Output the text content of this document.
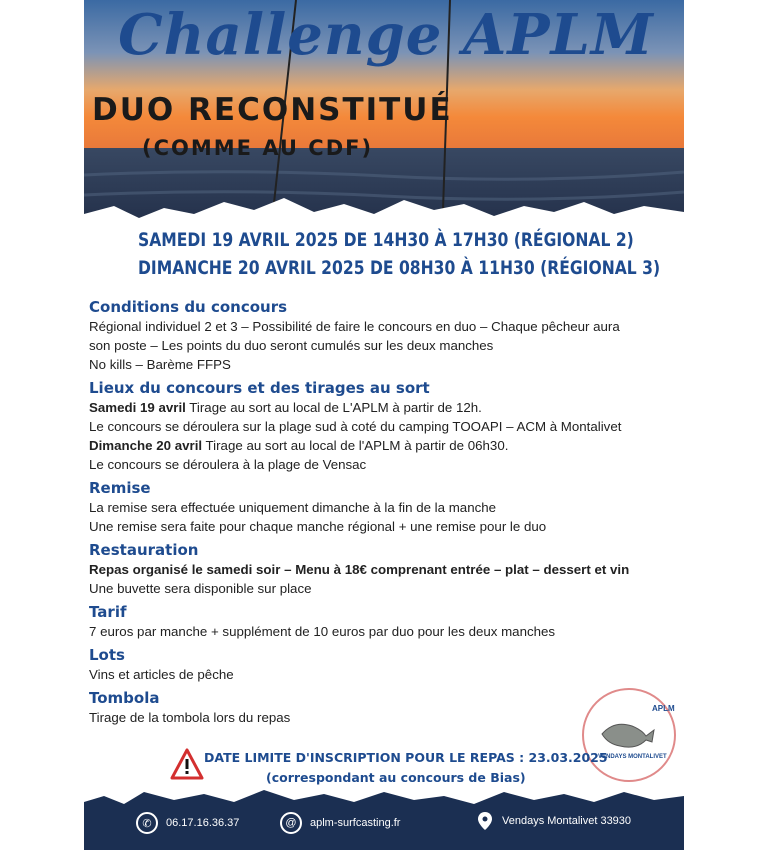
Challenge APLM
DUO RECONSTITUÉ
(COMME AU CDF)
SAMEDI 19 AVRIL 2025 DE 14H30 À 17H30 (RÉGIONAL 2)
DIMANCHE 20 AVRIL 2025 DE 08H30 À 11H30 (RÉGIONAL 3)
Conditions du concours
Régional individuel 2 et 3 – Possibilité de faire le concours en duo – Chaque pêcheur aura
son poste – Les points du duo seront cumulés sur les deux manches
No kills – Barème FFPS
Lieux du concours et des tirages au sort
Samedi 19 avril Tirage au sort au local de L'APLM à partir de 12h.
Le concours se déroulera sur la plage sud à coté du camping TOOAPI – ACM à Montalivet
Dimanche 20 avril Tirage au sort au local de l'APLM à partir de 06h30.
Le concours se déroulera à la plage de Vensac
Remise
La remise sera effectuée uniquement dimanche à la fin de la manche
Une remise sera faite pour chaque manche régional + une remise pour le duo
Restauration
Repas organisé le samedi soir – Menu à 18€ comprenant entrée – plat – dessert et vin
Une buvette sera disponible sur place
Tarif
7 euros par manche + supplément de 10 euros par duo pour les deux manches
Lots
Vins et articles de pêche
Tombola
Tirage de la tombola lors du repas
APLM
VENDAYS MONTALIVET
DATE LIMITE D'INSCRIPTION POUR LE REPAS : 23.03.2025
(correspondant au concours de Bias)
✆	06.17.16.36.37	@	aplm-surfcasting.fr	Vendays Montalivet 33930
